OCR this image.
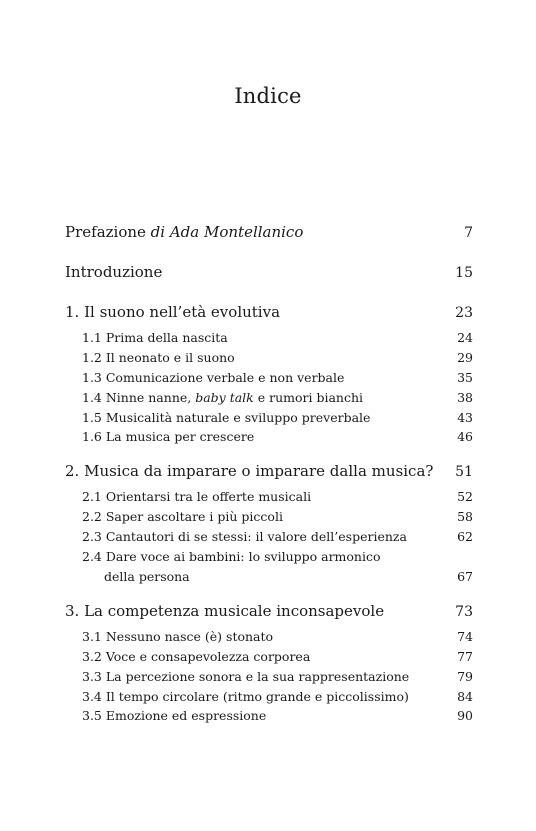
Indice
Prefazione di Ada Montellanico	7
Introduzione	15
1. Il suono nell’età evolutiva	23
1.1 Prima della nascita	24
1.2 Il neonato e il suono	29
1.3 Comunicazione verbale e non verbale	35
1.4 Ninne nanne, baby talk e rumori bianchi	38
1.5 Musicalità naturale e sviluppo preverbale	43
1.6 La musica per crescere	46
2. Musica da imparare o imparare dalla musica? 51
2.1 Orientarsi tra le offerte musicali	52
2.2 Saper ascoltare i più piccoli	58
2.3 Cantautori di se stessi: il valore dell’esperienza	62
2.4 Dare voce ai bambini: lo sviluppo armonico
della persona	67
3. La competenza musicale inconsapevole	73
3.1 Nessuno nasce (è) stonato	74
3.2 Voce e consapevolezza corporea	77
3.3 La percezione sonora e la sua rappresentazione	79
3.4 Il tempo circolare (ritmo grande e piccolissimo)	84
3.5 Emozione ed espressione	90
